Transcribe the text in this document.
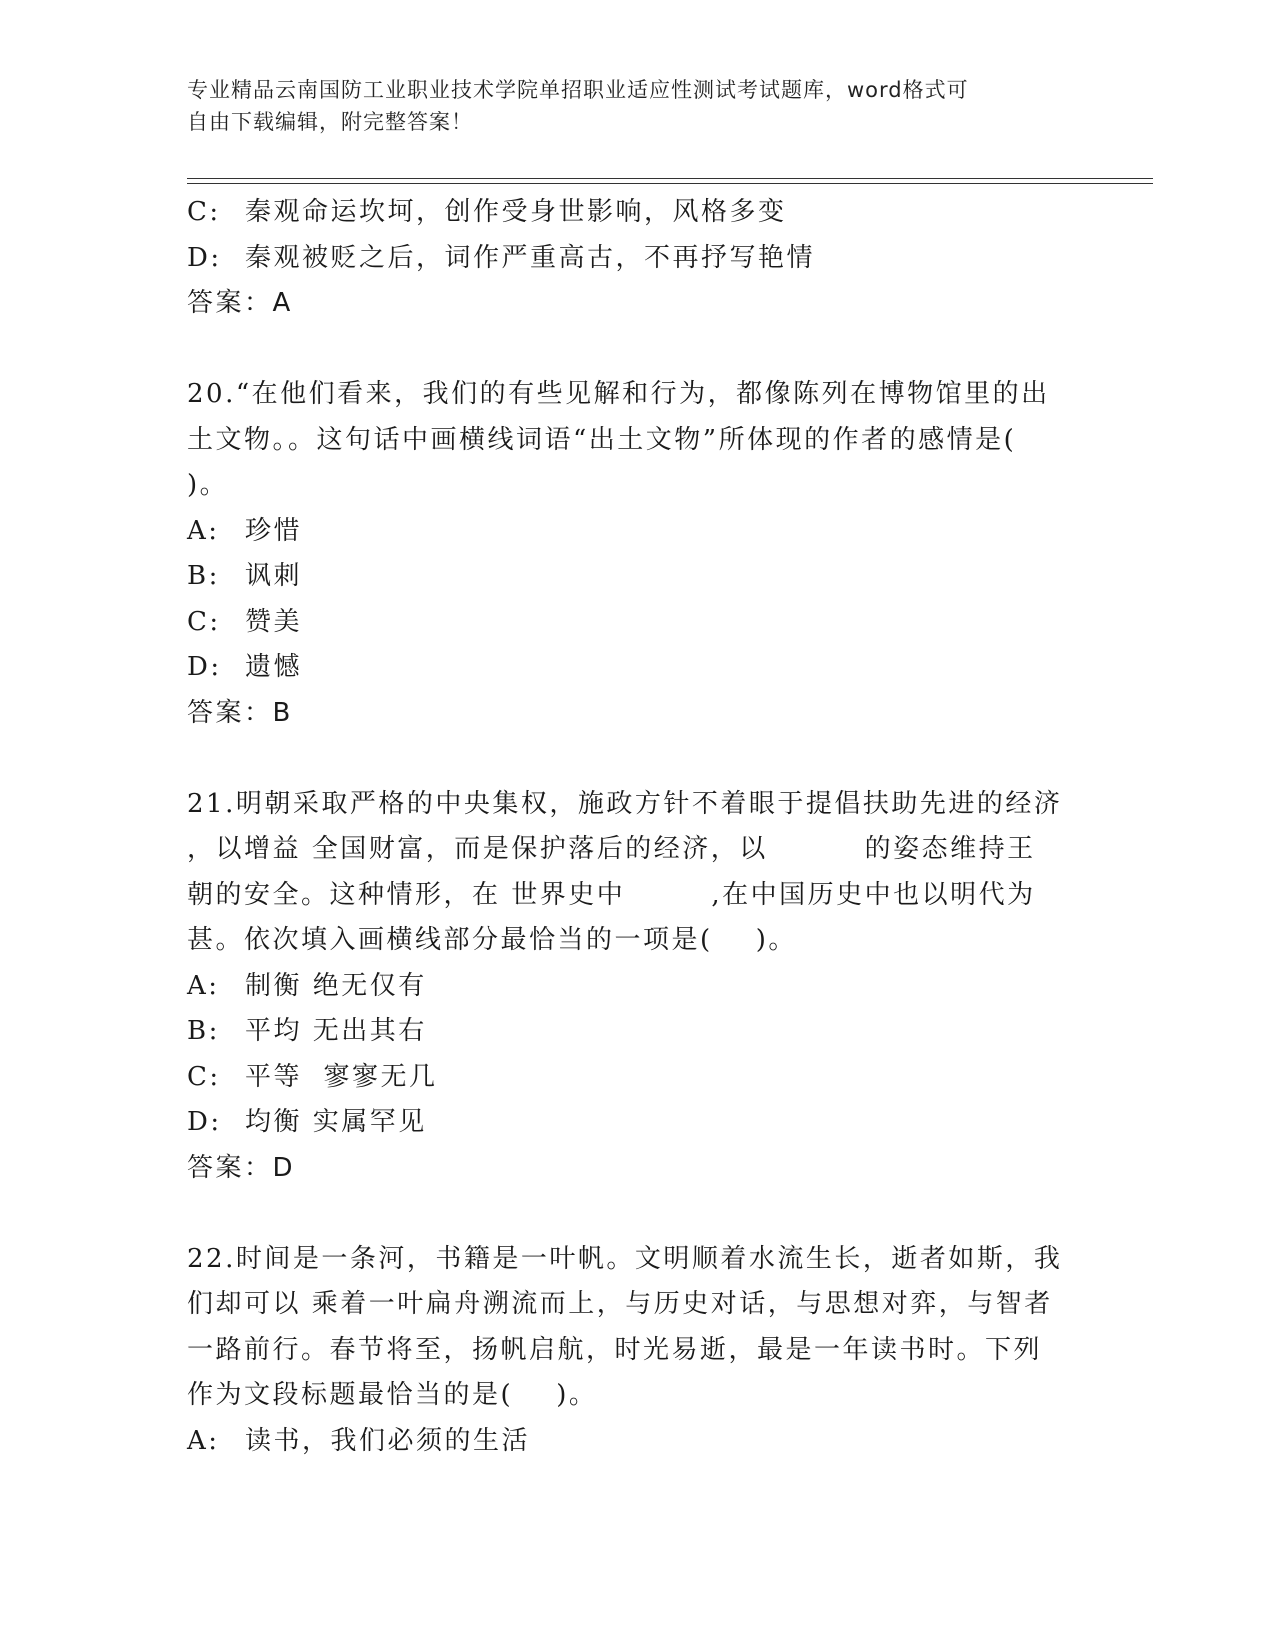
专业精品云南国防工业职业技术学院单招职业适应性测试考试题库，word格式可
自由下载编辑，附完整答案！
C: 秦观命运坎坷，创作受身世影响，风格多变
D: 秦观被贬之后，词作严重高古，不再抒写艳情
答案：A
20.“在他们看来，我们的有些见解和行为，都像陈列在博物馆里的出
土文物。。这句话中画横线词语“出土文物”所体现的作者的感情是(
)。
A: 珍惜
B: 讽刺
C: 赞美
D: 遗憾
答案：B
21.明朝采取严格的中央集权，施政方针不着眼于提倡扶助先进的经济
，以增益 全国财富，而是保护落后的经济，以         的姿态维持王
朝的安全。这种情形，在 世界史中        ,在中国历史中也以明代为
甚。依次填入画横线部分最恰当的一项是(    )。
A: 制衡 绝无仅有
B: 平均 无出其右
C: 平等  寥寥无几
D: 均衡 实属罕见
答案：D
22.时间是一条河，书籍是一叶帆。文明顺着水流生长，逝者如斯，我
们却可以 乘着一叶扁舟溯流而上，与历史对话，与思想对弈，与智者
一路前行。春节将至，扬帆启航，时光易逝，最是一年读书时。下列
作为文段标题最恰当的是(    )。
A: 读书，我们必须的生活
